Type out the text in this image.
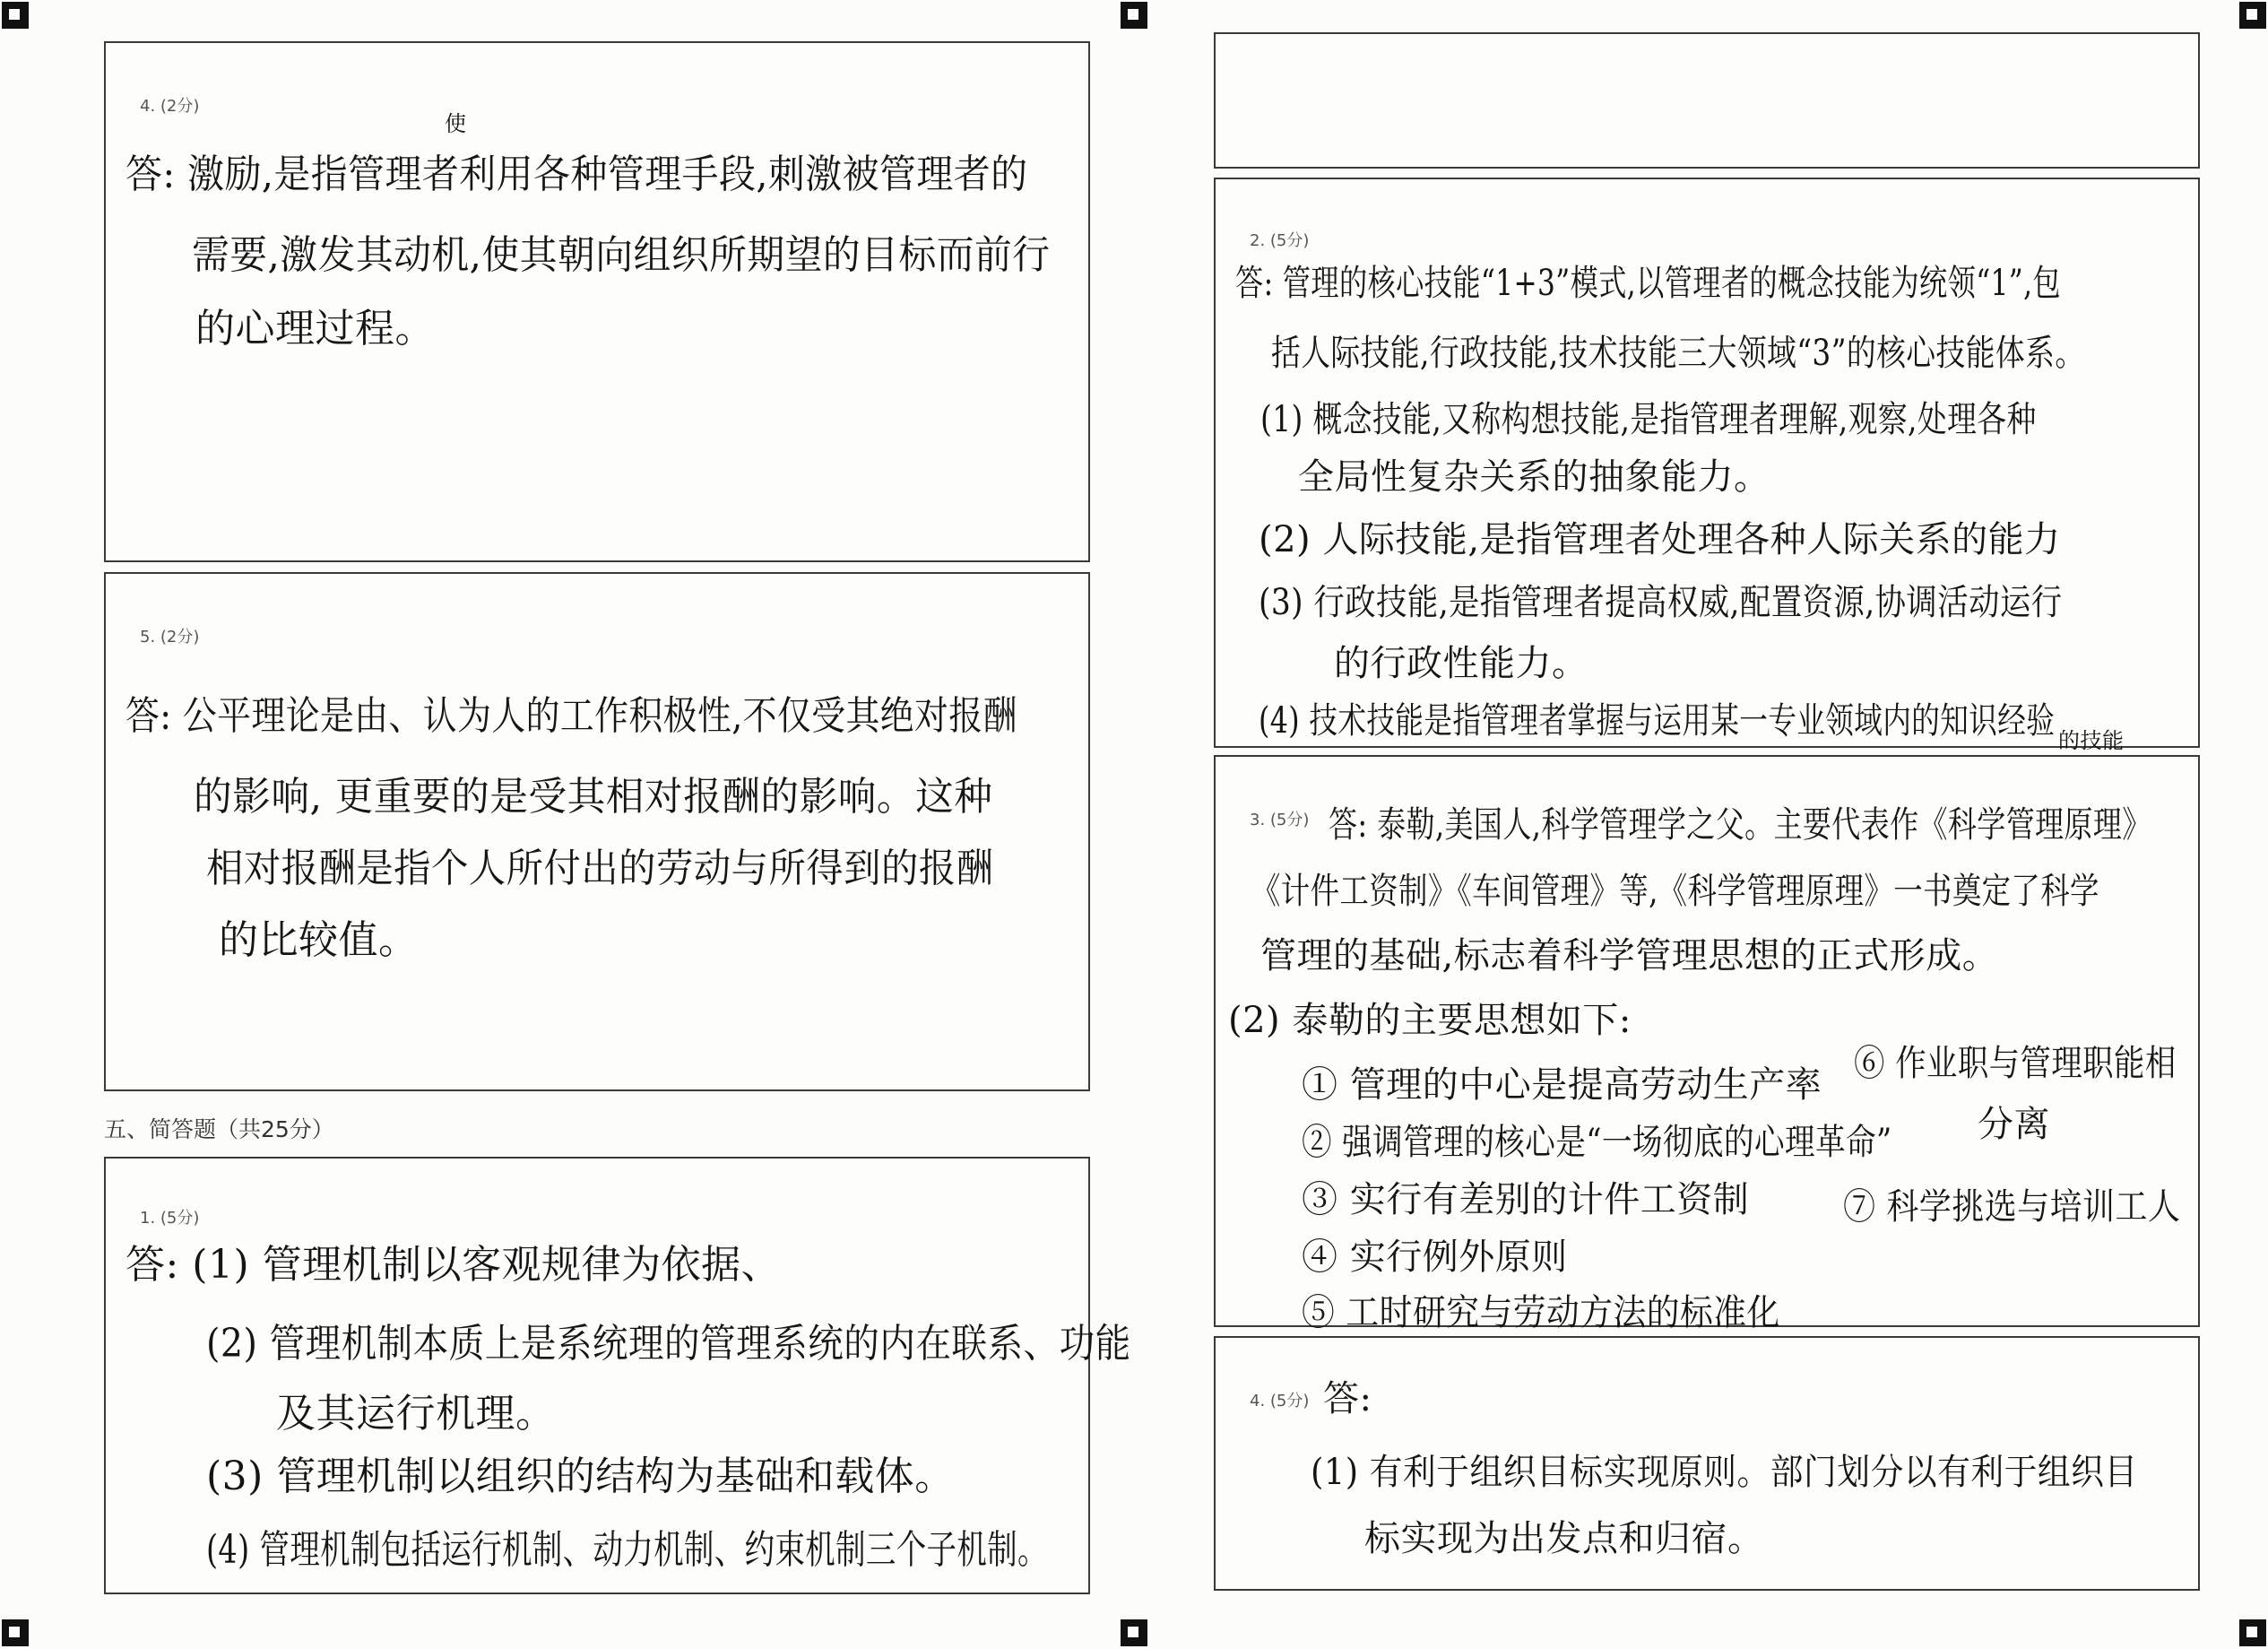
4. (2分)
使
答: 激励,是指管理者利用各种管理手段,刺激被管理者的
需要,激发其动机,使其朝向组织所期望的目标而前行
的心理过程。
5. (2分)
答: 公平理论是由、认为人的工作积极性,不仅受其绝对报酬
的影响, 更重要的是受其相对报酬的影响。这种
相对报酬是指个人所付出的劳动与所得到的报酬
的比较值。
五、简答题（共25分）
1. (5分)
答: (1) 管理机制以客观规律为依据、
(2) 管理机制本质上是系统理的管理系统的内在联系、功能
及其运行机理。
(3) 管理机制以组织的结构为基础和载体。
(4) 管理机制包括运行机制、动力机制、约束机制三个子机制。
2. (5分)
答: 管理的核心技能“1+3”模式,以管理者的概念技能为统领“1”,包
括人际技能,行政技能,技术技能三大领域“3”的核心技能体系。
(1) 概念技能,又称构想技能,是指管理者理解,观察,处理各种
全局性复杂关系的抽象能力。
(2) 人际技能,是指管理者处理各种人际关系的能力
(3) 行政技能,是指管理者提高权威,配置资源,协调活动运行
的行政性能力。
(4) 技术技能是指管理者掌握与运用某一专业领域内的知识经验 的技能
3. (5分) 答: 泰勒,美国人,科学管理学之父。主要代表作《科学管理原理》
《计件工资制》《车间管理》等,《科学管理原理》一书奠定了科学
管理的基础,标志着科学管理思想的正式形成。
(2) 泰勒的主要思想如下:
① 管理的中心是提高劳动生产率
② 强调管理的核心是“一场彻底的心理革命”
③ 实行有差别的计件工资制
④ 实行例外原则
⑤ 工时研究与劳动方法的标准化
⑥ 作业职与管理职能相
分离
⑦ 科学挑选与培训工人
4. (5分) 答:
(1) 有利于组织目标实现原则。部门划分以有利于组织目
标实现为出发点和归宿。
